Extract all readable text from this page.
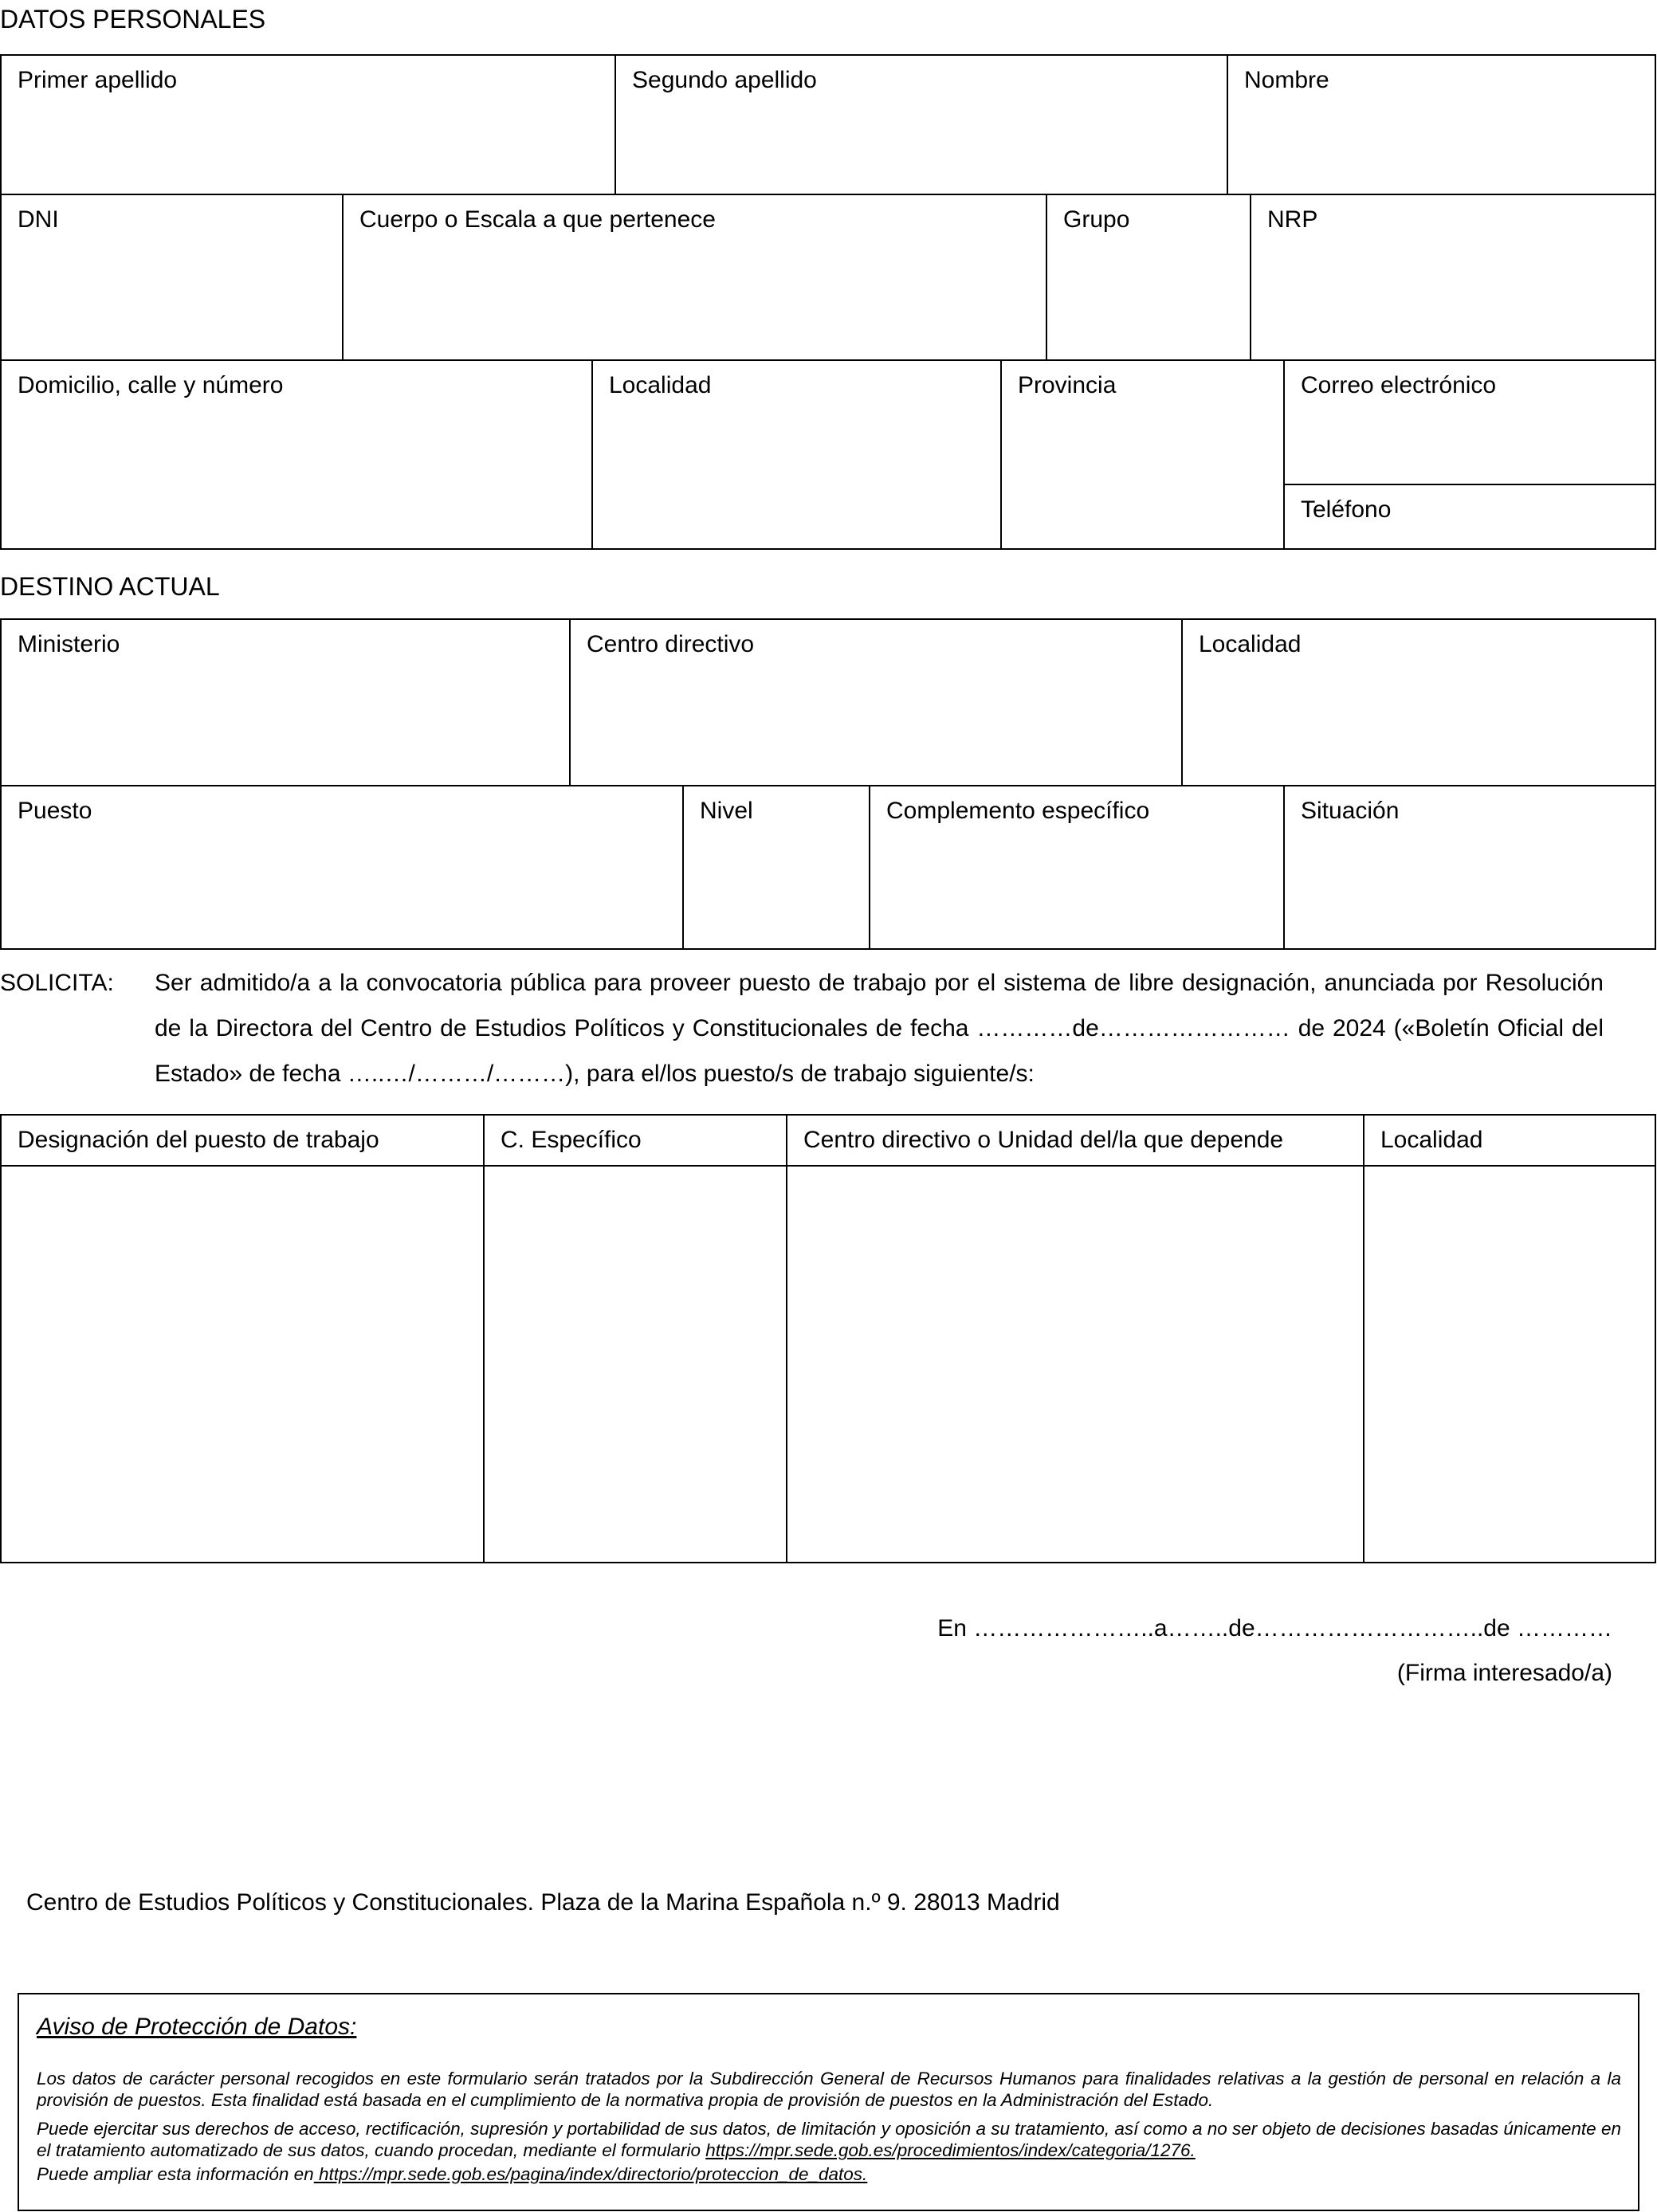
DATOS PERSONALES
Primer apellido	Segundo apellido	Nombre
DNI	Cuerpo o Escala a que pertenece	Grupo	NRP
Domicilio, calle y número	Localidad	Provincia	Correo electrónico
Teléfono
DESTINO ACTUAL
Ministerio	Centro directivo	Localidad
Puesto	Nivel	Complemento específico	Situación
SOLICITA:	Ser admitido/a a la convocatoria pública para proveer puesto de trabajo por el sistema de libre designación, anunciada por Resolución de la Directora del Centro de Estudios Políticos y Constitucionales de fecha …………de…………………… de 2024 («Boletín Oficial del Estado» de fecha …..…/………/………), para el/los puesto/s de trabajo siguiente/s:
Designación del puesto de trabajo	C. Específico	Centro directivo o Unidad del/la que depende	Localidad
En …………………..a……..de………………………..de …………
(Firma interesado/a)
Centro de Estudios Políticos y Constitucionales. Plaza de la Marina Española n.º 9. 28013 Madrid
Aviso de Protección de Datos:
Los datos de carácter personal recogidos en este formulario serán tratados por la Subdirección General de Recursos Humanos para finalidades relativas a la gestión de personal en relación a la provisión de puestos. Esta finalidad está basada en el cumplimiento de la normativa propia de provisión de puestos en la Administración del Estado.
Puede ejercitar sus derechos de acceso, rectificación, supresión y portabilidad de sus datos, de limitación y oposición a su tratamiento, así como a no ser objeto de decisiones basadas únicamente en el tratamiento automatizado de sus datos, cuando procedan, mediante el formulario https://mpr.sede.gob.es/procedimientos/index/categoria/1276.
Puede ampliar esta información en https://mpr.sede.gob.es/pagina/index/directorio/proteccion_de_datos.
